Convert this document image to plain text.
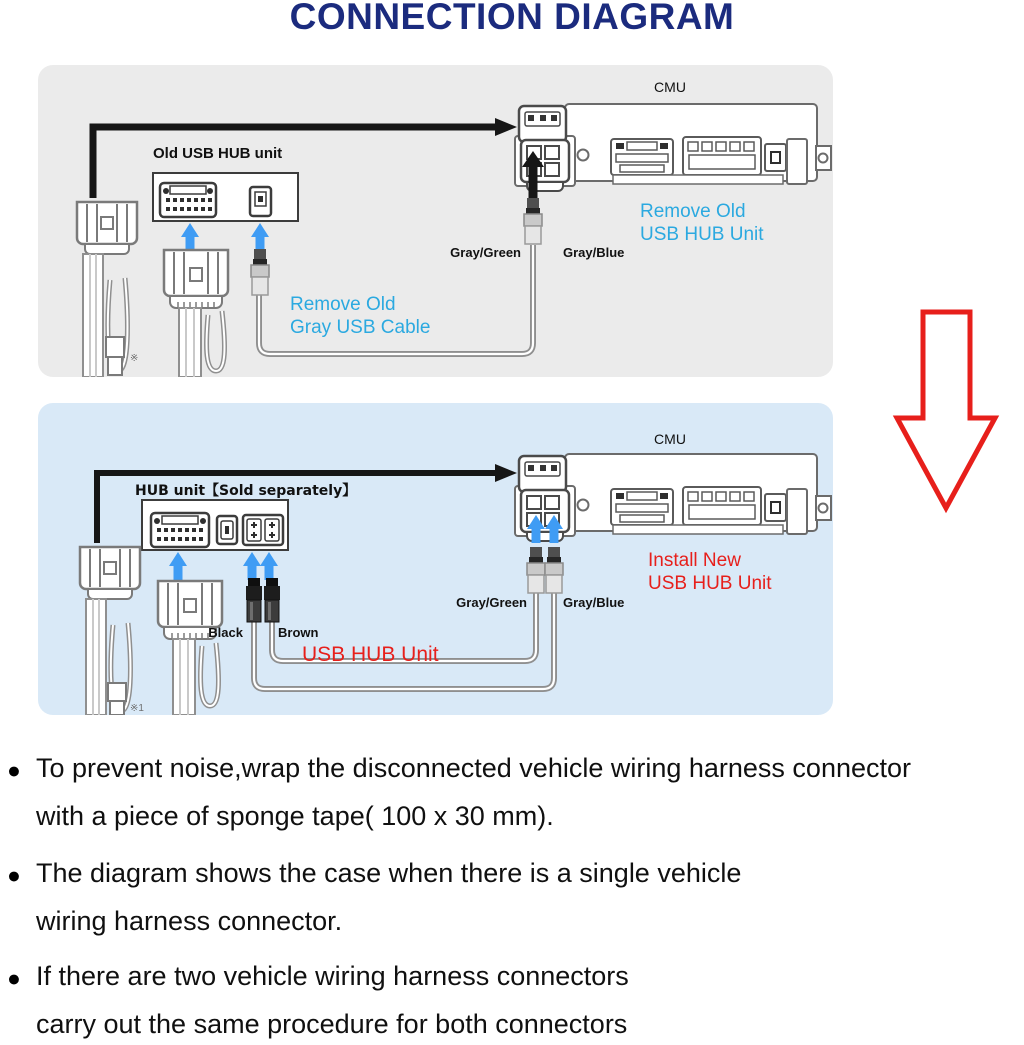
CONNECTION DIAGRAM
CMU
Old USB HUB unit
※
Gray/Green	Gray/Blue
Remove Old
USB HUB Unit
Remove Old
Gray USB Cable
CMU
HUB unit【Sold separately】
※1
Black	Brown
Gray/Green	Gray/Blue
Install New
USB HUB Unit
USB HUB Unit
● To prevent noise,wrap the disconnected vehicle wiring harness connector
with a piece of sponge tape( 100 x 30 mm).
● The diagram shows the case when there is a single vehicle
wiring harness connector.
● If there are two vehicle wiring harness connectors
carry out the same procedure for both connectors
